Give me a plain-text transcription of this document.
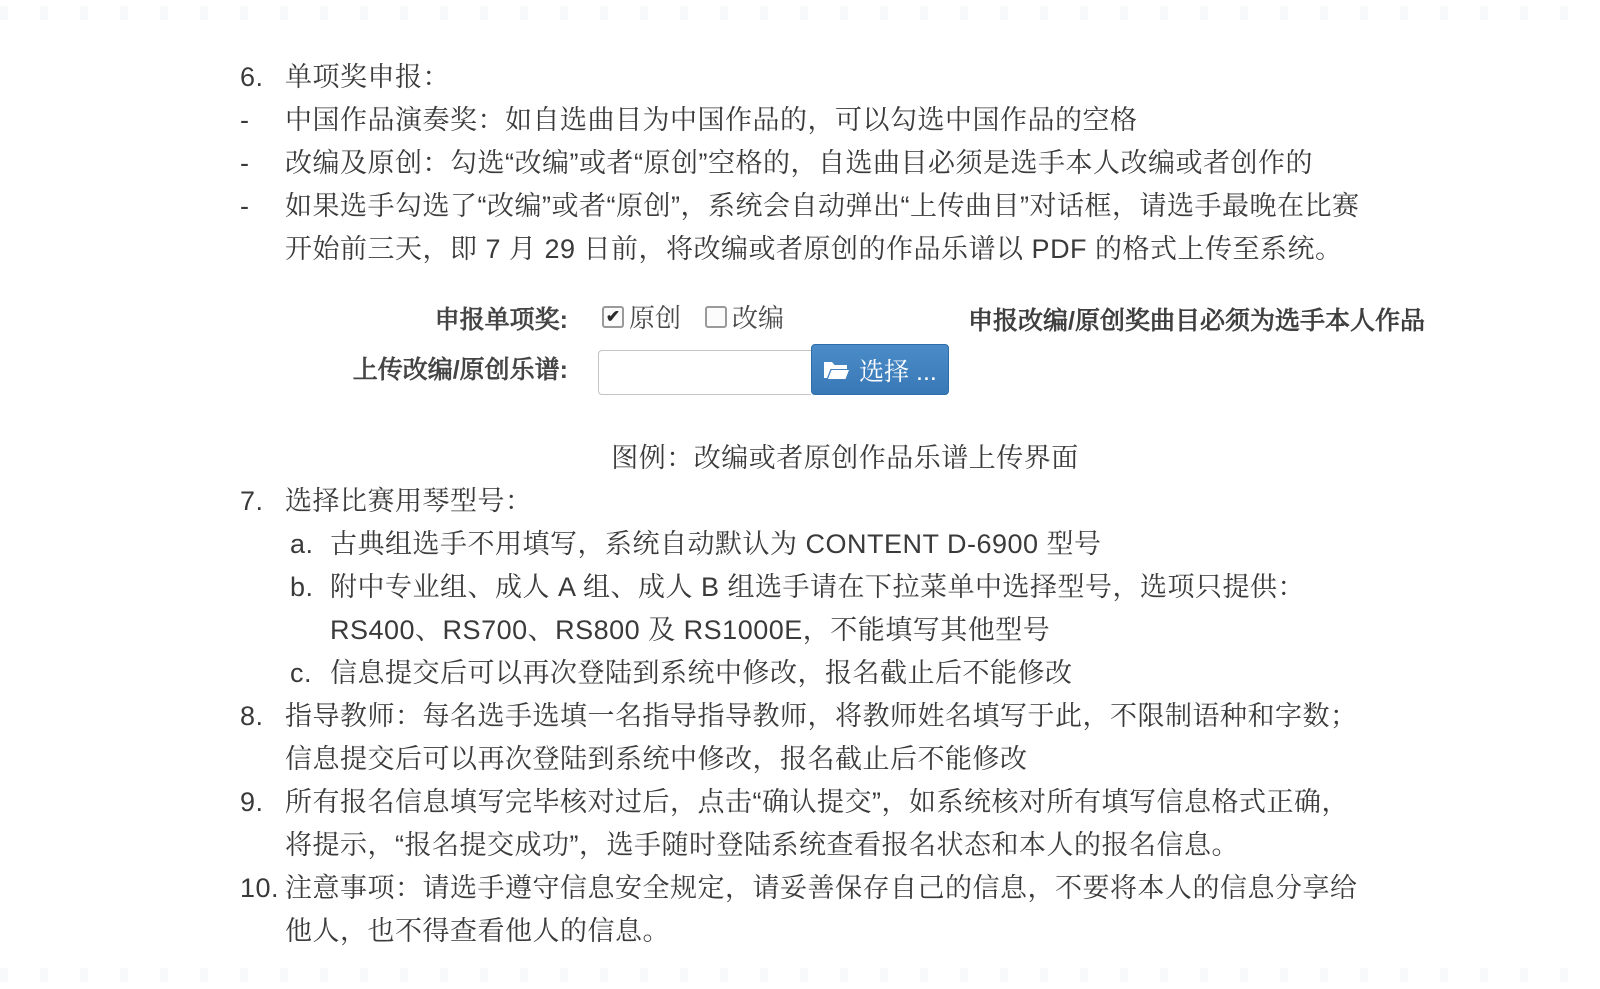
6. 单项奖申报：
-	中国作品演奏奖：如自选曲目为中国作品的，可以勾选中国作品的空格
-	改编及原创：勾选“改编”或者“原创”空格的，自选曲目必须是选手本人改编或者创作的
-	如果选手勾选了“改编”或者“原创”，系统会自动弹出“上传曲目”对话框，请选手最晚在比赛开始前三天，即 7 月 29 日前，将改编或者原创的作品乐谱以 PDF 的格式上传至系统。
申报单项奖: ✔ 原创 改编	申报改编/原创奖曲目必须为选手本人作品
上传改编/原创乐谱:	选择 ...
图例：改编或者原创作品乐谱上传界面
7. 选择比赛用琴型号：
a. 古典组选手不用填写，系统自动默认为 CONTENT D-6900 型号
b. 附中专业组、成人 A 组、成人 B 组选手请在下拉菜单中选择型号，选项只提供：RS400、RS700、RS800 及 RS1000E，不能填写其他型号
c. 信息提交后可以再次登陆到系统中修改，报名截止后不能修改
8. 指导教师：每名选手选填一名指导指导教师，将教师姓名填写于此，不限制语种和字数；信息提交后可以再次登陆到系统中修改，报名截止后不能修改
9. 所有报名信息填写完毕核对过后，点击“确认提交”，如系统核对所有填写信息格式正确，将提示，“报名提交成功”，选手随时登陆系统查看报名状态和本人的报名信息。
10. 注意事项：请选手遵守信息安全规定，请妥善保存自己的信息，不要将本人的信息分享给他人，也不得查看他人的信息。
